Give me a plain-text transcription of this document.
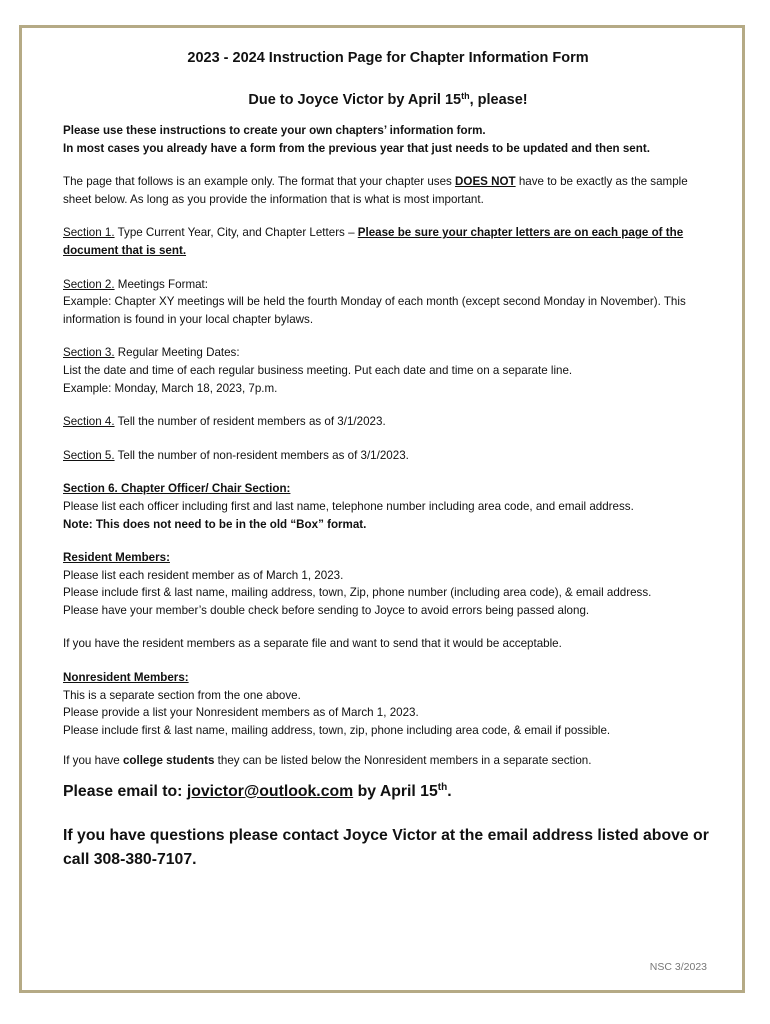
2023 - 2024 Instruction Page for Chapter Information Form

Due to Joyce Victor by April 15th, please!

Please use these instructions to create your own chapters’ information form.

In most cases you already have a form from the previous year that just needs to be updated and then sent.

The page that follows is an example only. The format that your chapter uses DOES NOT have to be exactly as the sample sheet below. As long as you provide the information that is what is most important.

Section 1. Type Current Year, City, and Chapter Letters – Please be sure your chapter letters are on each page of the document that is sent.

Section 2. Meetings Format:

Example: Chapter XY meetings will be held the fourth Monday of each month (except second Monday in November). This information is found in your local chapter bylaws.

Section 3. Regular Meeting Dates:

List the date and time of each regular business meeting. Put each date and time on a separate line.

Example: Monday, March 18, 2023, 7p.m.

Section 4. Tell the number of resident members as of 3/1/2023.

Section 5. Tell the number of non-resident members as of 3/1/2023.

Section 6. Chapter Officer/ Chair Section:

Please list each officer including first and last name, telephone number including area code, and email address.

Note: This does not need to be in the old “Box” format.

Resident Members:

Please list each resident member as of March 1, 2023.

Please include first & last name, mailing address, town, Zip, phone number (including area code), & email address.

Please have your member’s double check before sending to Joyce to avoid errors being passed along.

If you have the resident members as a separate file and want to send that it would be acceptable.

Nonresident Members:

This is a separate section from the one above.

Please provide a list your Nonresident members as of March 1, 2023.

Please include first & last name, mailing address, town, zip, phone including area code, & email if possible.

If you have college students they can be listed below the Nonresident members in a separate section.

Please email to: jovictor@outlook.com by April 15th.

If you have questions please contact Joyce Victor at the email address listed above or call 308-380-7107.

NSC 3/2023
